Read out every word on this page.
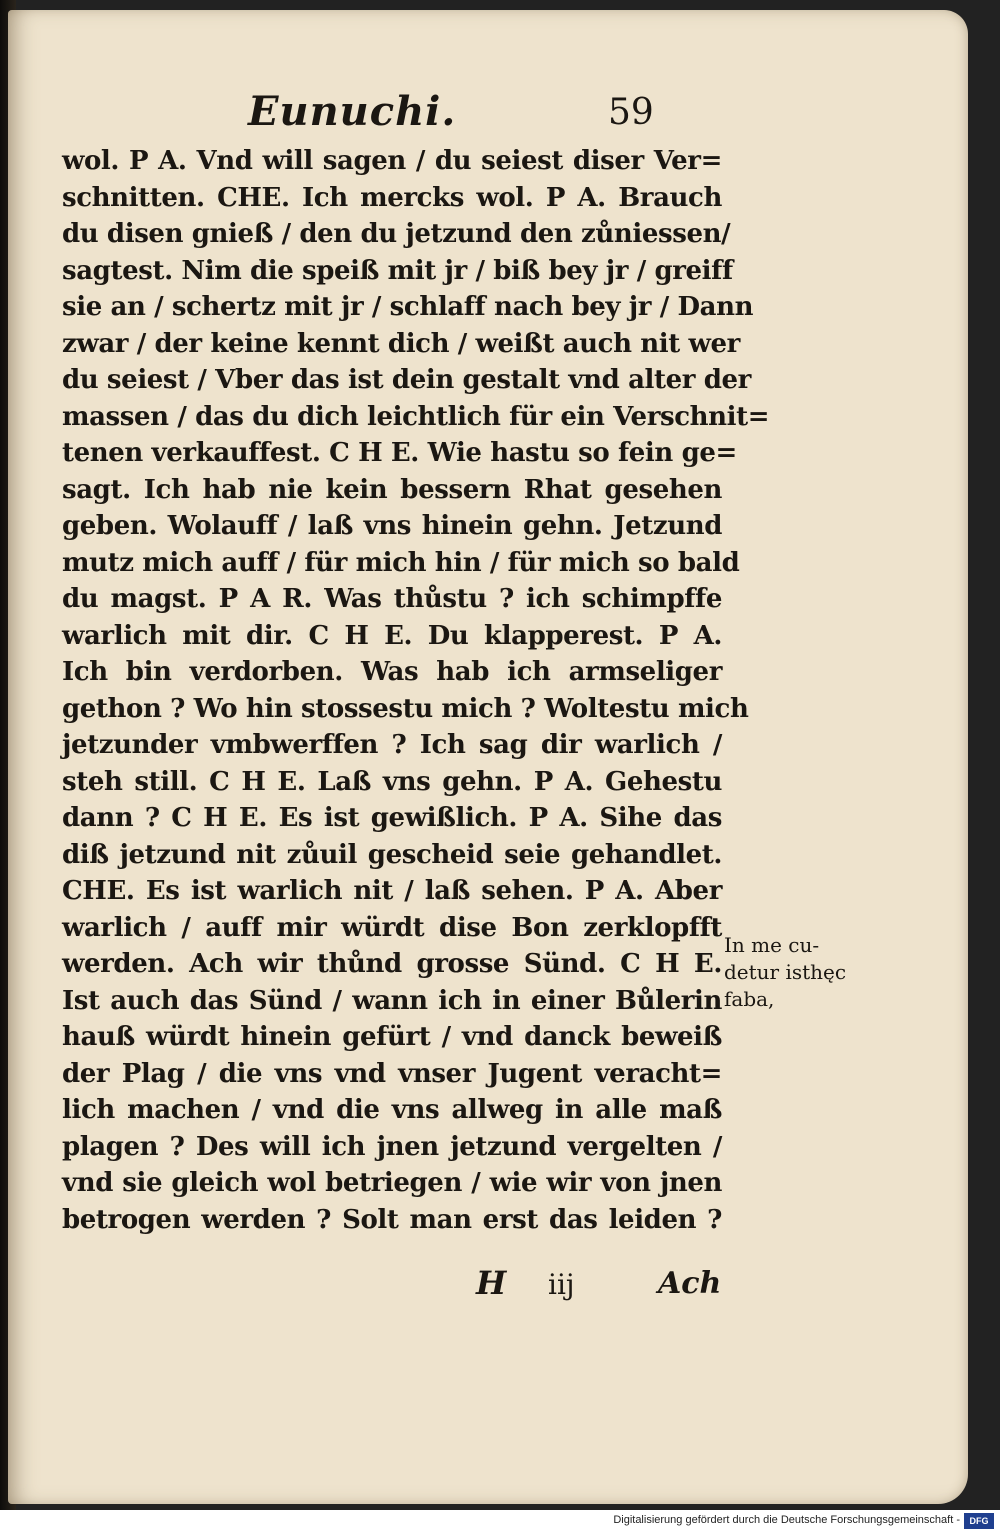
Eunuchi.	59
wol. P A. Vnd will sagen / du seiest diser Ver=
schnitten. CHE. Ich mercks wol. P A. Brauch
du disen gnieß / den du jetzund den zůniessen/
sagtest. Nim die speiß mit jr / biß bey jr / greiff
sie an / schertz mit jr / schlaff nach bey jr / Dann
zwar / der keine kennt dich / weißt auch nit wer
du seiest / Vber das ist dein gestalt vnd alter der
massen / das du dich leichtlich für ein Verschnit=
tenen verkauffest. C H E. Wie hastu so fein ge=
sagt. Ich hab nie kein bessern Rhat gesehen
geben. Wolauff / laß vns hinein gehn. Jetzund
mutz mich auff / für mich hin / für mich so bald
du magst. P A R. Was thůstu ? ich schimpffe
warlich mit dir. C H E. Du klapperest. P A.
Ich bin verdorben. Was hab ich armseliger
gethon ? Wo hin stossestu mich ? Woltestu mich
jetzunder vmbwerffen ? Ich sag dir warlich /
steh still. C H E. Laß vns gehn. P A. Gehestu
dann ? C H E. Es ist gewißlich. P A. Sihe das
diß jetzund nit zůuil gescheid seie gehandlet.
CHE. Es ist warlich nit / laß sehen. P A. Aber
warlich / auff mir würdt dise Bon zerklopfft
werden. Ach wir thůnd grosse Sünd. C H E.
Ist auch das Sünd / wann ich in einer Bůlerin
hauß würdt hinein gefürt / vnd danck beweiß
der Plag / die vns vnd vnser Jugent veracht=
lich machen / vnd die vns allweg in alle maß
plagen ? Des will ich jnen jetzund vergelten /
vnd sie gleich wol betriegen / wie wir von jnen
betrogen werden ? Solt man erst das leiden ?
In me cu-
detur isthęc
faba,
H iij	Ach
Digitalisierung gefördert durch die Deutsche Forschungsgemeinschaft -	DFG
